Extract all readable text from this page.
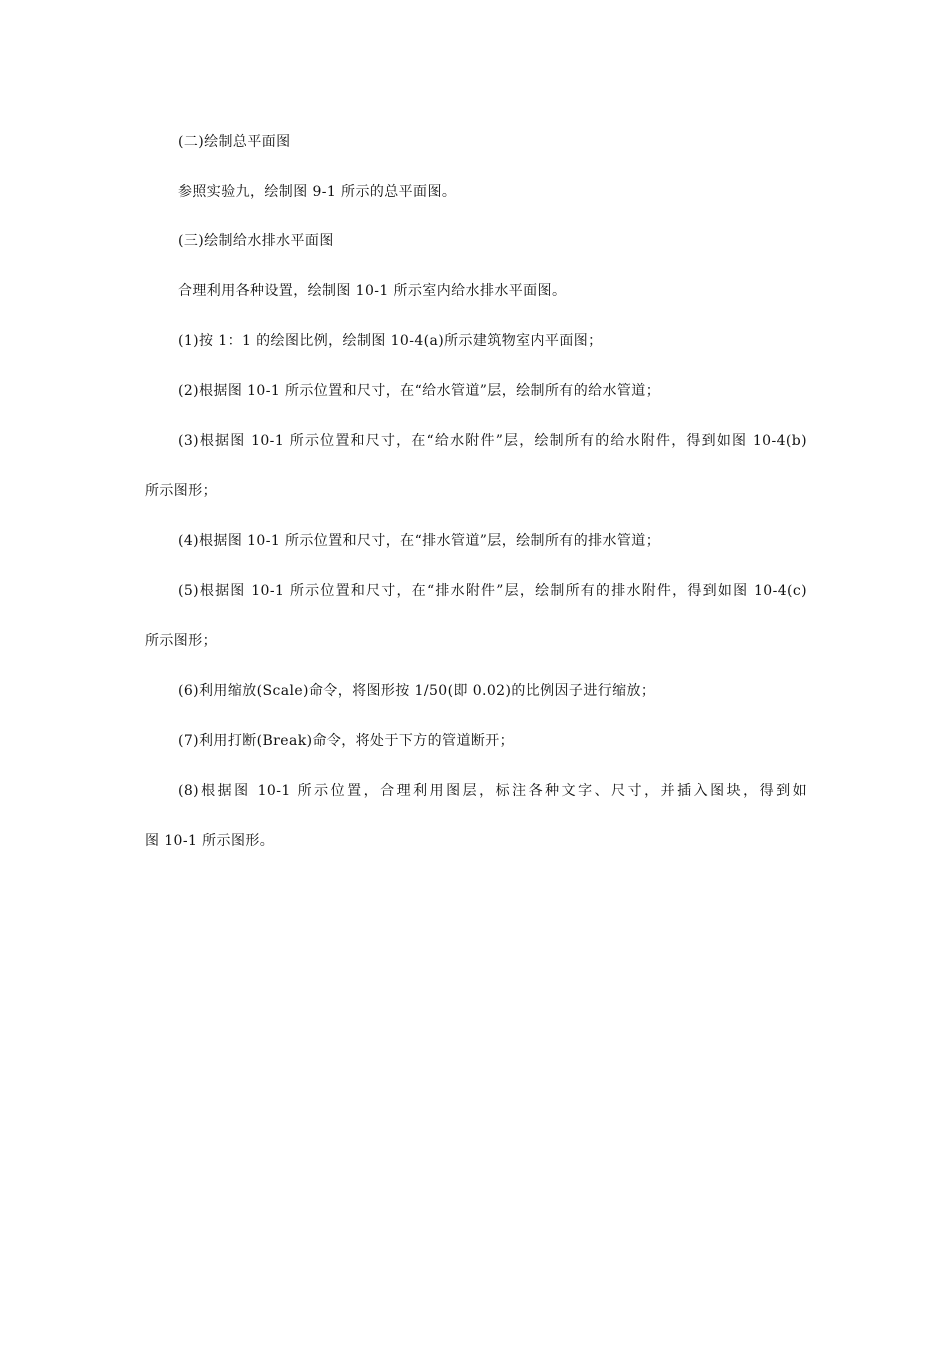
(二)绘制总平面图
参照实验九，绘制图 9-1 所示的总平面图。
(三)绘制给水排水平面图
合理利用各种设置，绘制图 10-1 所示室内给水排水平面图。
(1)按 1：1 的绘图比例，绘制图 10-4(a)所示建筑物室内平面图；
(2)根据图 10-1 所示位置和尺寸，在“给水管道”层，绘制所有的给水管道；
(3)根据图 10-1 所示位置和尺寸，在“给水附件”层，绘制所有的给水附件，得到如图 10-4(b)
所示图形；
(4)根据图 10-1 所示位置和尺寸，在“排水管道”层，绘制所有的排水管道；
(5)根据图 10-1 所示位置和尺寸，在“排水附件”层，绘制所有的排水附件，得到如图 10-4(c)
所示图形；
(6)利用缩放(Scale)命令，将图形按 1/50(即 0.02)的比例因子进行缩放；
(7)利用打断(Break)命令，将处于下方的管道断开；
(8)根据图 10-1 所示位置，合理利用图层，标注各种文字、尺寸，并插入图块，得到如
图 10-1 所示图形。
